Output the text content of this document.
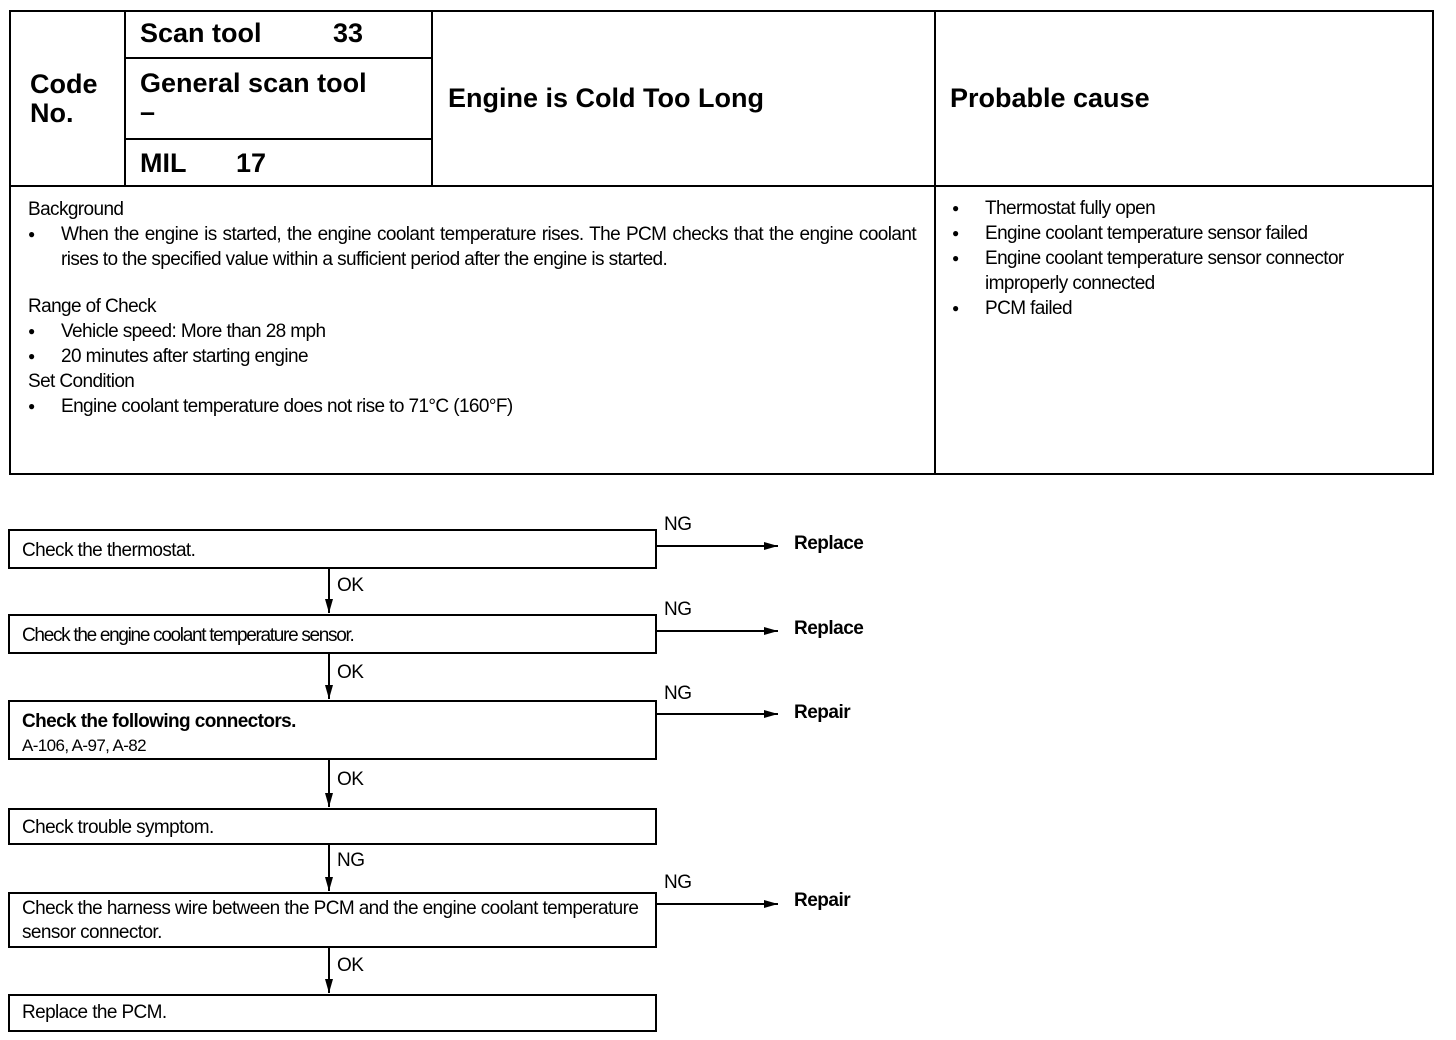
Code No.
Scan tool	33
General scan tool
–
MIL 17
Engine is Cold Too Long	Probable cause
Background
● When the engine is started, the engine coolant temperature rises. The PCM checks that the engine coolant rises to the specified value within a sufficient period after the engine is started.
Range of Check
● Vehicle speed: More than 28 mph
● 20 minutes after starting engine
Set Condition
● Engine coolant temperature does not rise to 71°C (160°F)
● Thermostat fully open
● Engine coolant temperature sensor failed
● Engine coolant temperature sensor connector improperly connected
● PCM failed
Check the thermostat.
Check the engine coolant temperature sensor.
Check the following connectors.
A-106, A-97, A-82
Check trouble symptom.
Check the harness wire between the PCM and the engine coolant temperature sensor connector.
Replace the PCM.
NG
Replace
OK
NG
Replace
OK
NG
Repair
OK
NG
NG
Repair
OK
